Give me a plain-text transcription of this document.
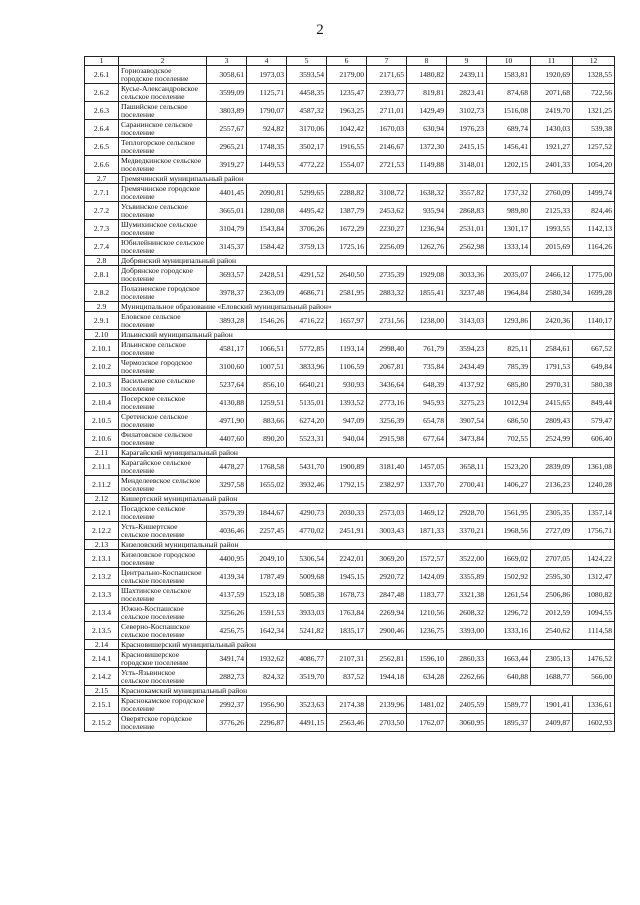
2
1	2	3	4	5	6	7	8	9	10	11	12
2.6.1	Горнозаводское городское поселение	3058,61	1973,03	3593,54	2179,00	2171,65	1480,82	2439,11	1583,81	1920,69	1328,55
2.6.2	Кусье-Александровское сельское поселение	3599,09	1125,71	4458,35	1235,47	2393,77	819,81	2823,41	874,68	2071,68	722,56
2.6.3	Пашийское сельское поселение	3803,89	1790,07	4587,32	1963,25	2711,01	1429,49	3102,73	1516,08	2419,70	1321,25
2.6.4	Саранинское сельское поселение	2557,67	924,82	3170,06	1042,42	1670,03	630,94	1976,23	689,74	1430,03	539,38
2.6.5	Теплогорское сельское поселение	2965,21	1748,35	3502,17	1916,55	2146,67	1372,30	2415,15	1456,41	1921,27	1257,52
2.6.6	Медведкинское сельское поселение	3919,27	1449,53	4772,22	1554,07	2721,53	1149,88	3148,01	1202,15	2401,33	1054,20
2.7	Гремячинский муниципальный район										
2.7.1	Гремячинское городское поселение	4401,45	2090,81	5299,65	2288,82	3108,72	1638,32	3557,82	1737,32	2760,09	1499,74
2.7.2	Усьвинское сельское поселение	3665,01	1280,08	4495,42	1387,79	2453,62	935,94	2868,83	989,80	2125,33	824,46
2.7.3	Шумихинское сельское поселение	3104,79	1543,84	3706,26	1672,29	2230,27	1236,94	2531,01	1301,17	1993,55	1142,13
2.7.4	Юбилейнинское сельское поселение	3145,37	1584,42	3759,13	1725,16	2256,09	1262,76	2562,98	1333,14	2015,69	1164,26
2.8	Добрянский муниципальный район										
2.8.1	Добрянское городское поселение	3693,57	2428,51	4291,52	2640,50	2735,39	1929,08	3033,36	2035,07	2466,12	1775,00
2.8.2	Полазненское городское поселение	3978,37	2363,09	4686,71	2581,95	2883,32	1855,41	3237,48	1964,84	2580,34	1699,28
2.9	Муниципальное образование «Еловский муниципальный район»										
2.9.1	Еловское сельское поселение	3893,28	1546,26	4716,22	1657,97	2731,56	1238,00	3143,03	1293,86	2420,36	1140,17
2.10	Ильинский муниципальный район										
2.10.1	Ильинское сельское поселение	4581,17	1066,51	5772,85	1193,14	2998,40	761,79	3594,23	825,11	2584,61	667,52
2.10.2	Чермозское городское поселение	3100,60	1007,51	3833,96	1106,59	2067,81	735,84	2434,49	785,39	1791,53	649,84
2.10.3	Васильевское сельское поселение	5237,64	856,10	6640,21	930,93	3436,64	648,39	4137,92	685,80	2970,31	580,38
2.10.4	Посерское сельское поселение	4130,88	1259,51	5135,01	1393,52	2773,16	945,93	3275,23	1012,94	2415,65	849,44
2.10.5	Сретенское сельское поселение	4971,90	883,66	6274,20	947,09	3256,39	654,78	3907,54	686,50	2809,43	579,47
2.10.6	Филатовское сельское поселение	4407,60	890,20	5523,31	940,04	2915,98	677,64	3473,84	702,55	2524,99	606,40
2.11	Карагайский муниципальный район										
2.11.1	Карагайское сельское поселение	4478,27	1768,58	5431,70	1900,89	3181,40	1457,05	3658,11	1523,20	2839,09	1361,08
2.11.2	Менделеевское сельское поселение	3297,58	1655,02	3932,46	1792,15	2382,97	1337,70	2700,41	1406,27	2136,23	1240,28
2.12	Кишертский муниципальный район										
2.12.1	Посадское сельское поселение	3579,39	1844,67	4290,73	2030,33	2573,03	1469,12	2928,70	1561,95	2305,35	1357,14
2.12.2	Усть-Кишертское сельское поселение	4036,46	2257,45	4770,02	2451,91	3003,43	1871,33	3370,21	1968,56	2727,09	1756,71
2.13	Кизеловский муниципальный район										
2.13.1	Кизеловское городское поселение	4400,95	2049,10	5306,54	2242,01	3069,20	1572,57	3522,00	1669,02	2707,05	1424,22
2.13.2	Центрально-Коспашское сельское поселение	4139,34	1787,49	5009,68	1945,15	2920,72	1424,09	3355,89	1502,92	2595,30	1312,47
2.13.3	Шахтинское сельское поселение	4137,59	1523,18	5085,38	1678,73	2847,48	1183,77	3321,38	1261,54	2506,86	1080,82
2.13.4	Южно-Коспашское сельское поселение	3256,26	1591,53	3933,03	1763,84	2269,94	1210,56	2608,32	1296,72	2012,59	1094,55
2.13.5	Северно-Коспашское сельское поселение	4256,75	1642,34	5241,82	1835,17	2900,46	1236,75	3393,00	1333,16	2540,62	1114,58
2.14	Красновишерский муниципальный район										
2.14.1	Красновишерское городское поселение	3491,74	1932,62	4086,77	2107,31	2562,81	1596,10	2860,33	1663,44	2305,13	1476,52
2.14.2	Усть-Язьвинское сельское поселение	2882,73	824,32	3519,70	837,52	1944,18	634,28	2262,66	640,88	1688,77	566,00
2.15	Краснокамский муниципальный район										
2.15.1	Краснокамское городское поселение	2992,37	1956,90	3523,63	2174,38	2139,96	1481,02	2405,59	1589,77	1901,41	1336,61
2.15.2	Оверятское городское поселение	3776,26	2296,87	4491,15	2563,46	2703,50	1762,07	3060,95	1895,37	2409,87	1602,93
